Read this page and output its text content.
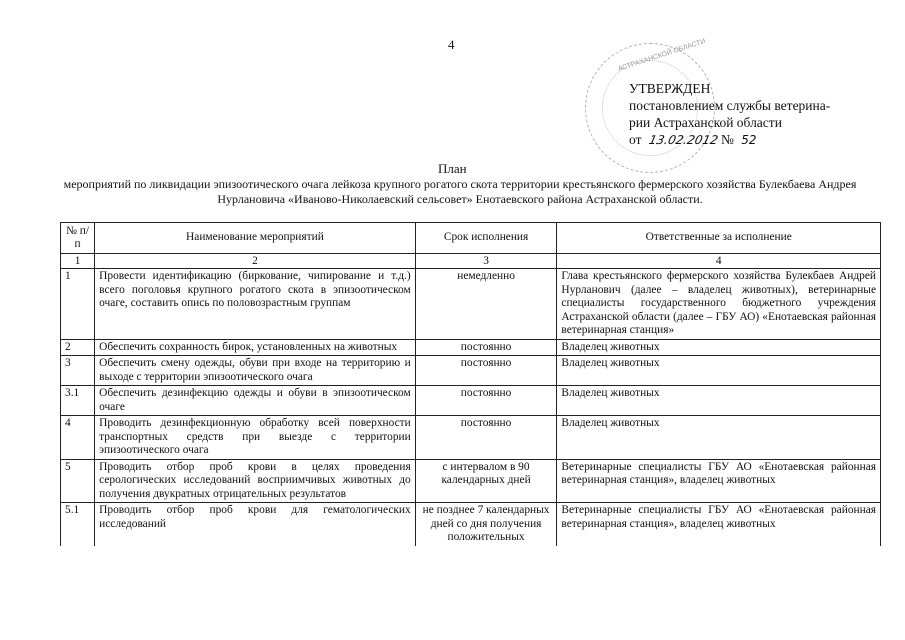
4	АСТРАХАНСКОЙ ОБЛАСТИ
УТВЕРЖДЕН
постановлением службы ветерина-
рии Астраханской области
от 13.02.2012 № 52
План
мероприятий по ликвидации эпизоотического очага лейкоза крупного рогатого скота территории крестьянского фермерского хозяйства Булекбаева Андрея Нурлановича «Иваново-Николаевский сельсовет» Енотаевского района Астраханской области.
№ п/п	Наименование мероприятий	Срок исполнения	Ответственные за исполнение
1	2	3	4
1	Провести идентификацию (биркование, чипирование и т.д.) всего поголовья крупного рогатого скота в эпизоотическом очаге, составить опись по половозрастным группам	немедленно	Глава крестьянского фермерского хозяйства Булекбаев Андрей Нурланович (далее – владелец животных), ветеринарные специалисты государственного бюджетного учреждения Астраханской области (далее – ГБУ АО) «Енотаевская районная ветеринарная станция»
2	Обеспечить сохранность бирок, установленных на животных	постоянно	Владелец животных
3	Обеспечить смену одежды, обуви при входе на территорию и выходе с территории эпизоотического очага	постоянно	Владелец животных
3.1	Обеспечить дезинфекцию одежды и обуви в эпизоотическом очаге	постоянно	Владелец животных
4	Проводить дезинфекционную обработку всей поверхности транспортных средств при выезде с территории эпизоотического очага	постоянно	Владелец животных
5	Проводить отбор проб крови в целях проведения серологических исследований восприимчивых животных до получения двукратных отрицательных результатов	с интервалом в 90 календарных дней	Ветеринарные специалисты ГБУ АО «Енотаевская районная ветеринарная станция», владелец животных
5.1	Проводить отбор проб крови для гематологических исследований	не позднее 7 календарных дней со дня получения положительных	Ветеринарные специалисты ГБУ АО «Енотаевская районная ветеринарная станция», владелец животных
